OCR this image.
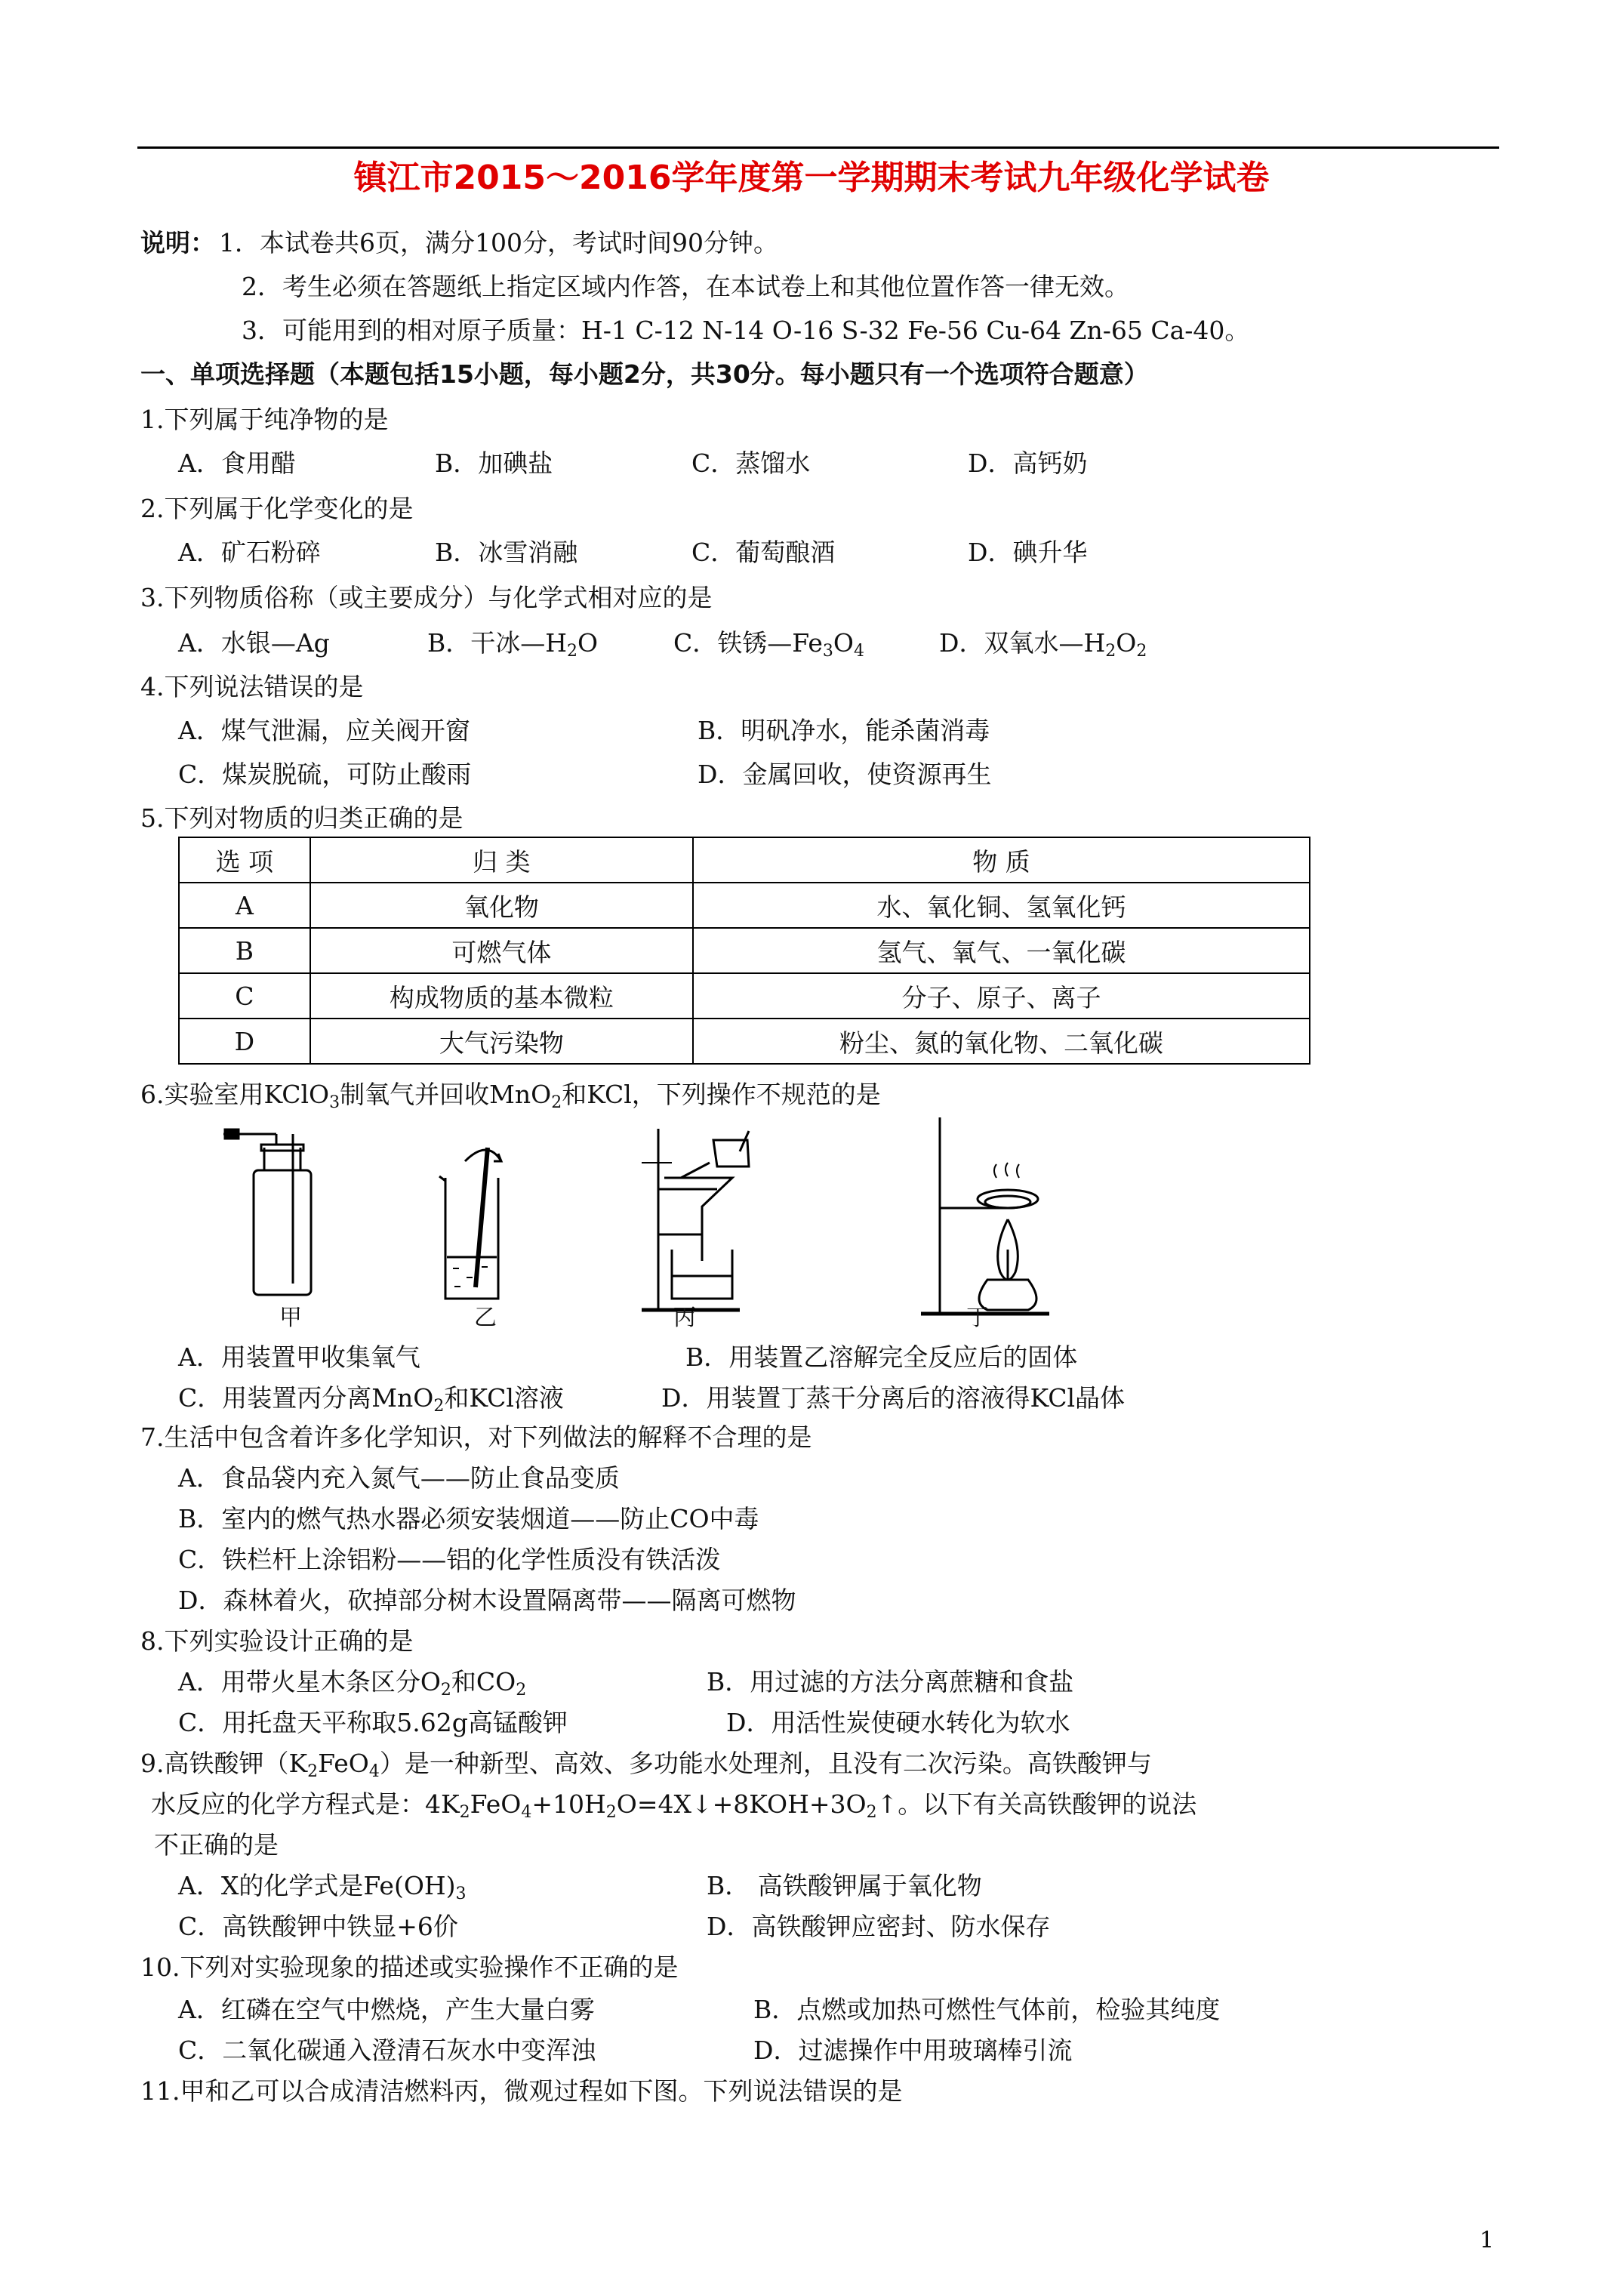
镇江市2015～2016学年度第一学期期末考试九年级化学试卷
说明： 1．本试卷共6页，满分100分，考试时间90分钟。
2．考生必须在答题纸上指定区域内作答，在本试卷上和其他位置作答一律无效。
3．可能用到的相对原子质量：H-1 C-12 N-14 O-16 S-32 Fe-56 Cu-64 Zn-65 Ca-40。
一、单项选择题（本题包括15小题，每小题2分，共30分。每小题只有一个选项符合题意）
1.下列属于纯净物的是
A．食用醋	B．加碘盐	C．蒸馏水	D．高钙奶
2.下列属于化学变化的是
A．矿石粉碎	B．冰雪消融	C．葡萄酿酒	D．碘升华
3.下列物质俗称（或主要成分）与化学式相对应的是
A．水银—Ag	B．干冰$—H_2O$	C．铁锈$—Fe_3O_4$	D．双氧水$—H_2O_2$
4.下列说法错误的是
A．煤气泄漏，应关阀开窗	B．明矾净水，能杀菌消毒
C．煤炭脱硫，可防止酸雨	D．金属回收，使资源再生
5.下列对物质的归类正确的是
选 项	归 类	物 质
A	氧化物	水、氧化铜、氢氧化钙
B	可燃气体	氢气、氧气、一氧化碳
C	构成物质的基本微粒	分子、原子、离子
D	大气污染物	粉尘、氮的氧化物、二氧化碳
6.实验室用KClO$_3$制氧气并回收MnO$_2$和KCl，下列操作不规范的是
甲	乙	丙	丁
A．用装置甲收集氧气	B．用装置乙溶解完全反应后的固体
C．用装置丙分离MnO$_2$和KCl溶液	D．用装置丁蒸干分离后的溶液得KCl晶体
7.生活中包含着许多化学知识，对下列做法的解释不合理的是
A．食品袋内充入氮气——防止食品变质
B．室内的燃气热水器必须安装烟道——防止CO中毒
C．铁栏杆上涂铝粉——铝的化学性质没有铁活泼
D．森林着火，砍掉部分树木设置隔离带——隔离可燃物
8.下列实验设计正确的是
A．用带火星木条区分$O_2$和$CO_2$	B．用过滤的方法分离蔗糖和食盐
C．用托盘天平称取5.62g高锰酸钾	D．用活性炭使硬水转化为软水
9.高铁酸钾$(K_2FeO_4)$是一种新型、高效、多功能水处理剂，且没有二次污染。高铁酸钾与
水反应的化学方程式是：$4K_2FeO_4+10H_2O=4X↓+8KOH+3O_2↑$。以下有关高铁酸钾的说法
不正确的是
A．X的化学式是$Fe(OH)_3$	B． 高铁酸钾属于氧化物
C．高铁酸钾中铁显+6价	D．高铁酸钾应密封、防水保存
10.下列对实验现象的描述或实验操作不正确的是
A．红磷在空气中燃烧，产生大量白雾	B．点燃或加热可燃性气体前，检验其纯度
C．二氧化碳通入澄清石灰水中变浑浊	D．过滤操作中用玻璃棒引流
11.甲和乙可以合成清洁燃料丙，微观过程如下图。下列说法错误的是
1
